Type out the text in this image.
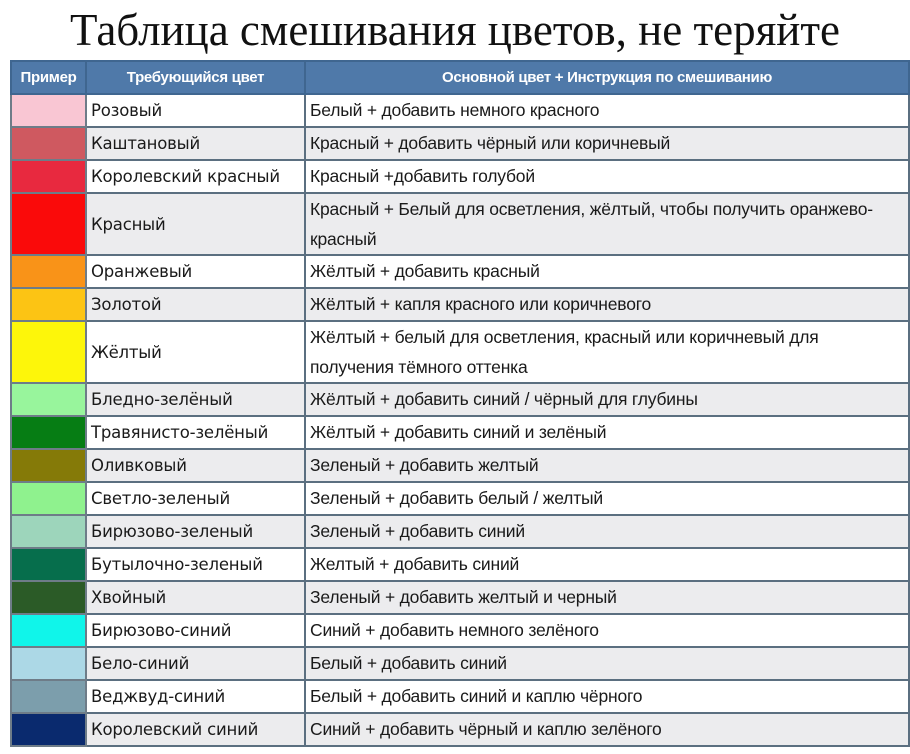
Таблица смешивания цветов, не теряйте
Пример	Требующийся цвет	Основной цвет + Инструкция по смешиванию
	Розовый	Белый + добавить немного красного
	Каштановый	Красный + добавить чёрный или коричневый
	Королевский красный	Красный +добавить голубой
	Красный	Красный + Белый для осветления, жёлтый, чтобы получить оранжево-красный
	Оранжевый	Жёлтый + добавить красный
	Золотой	Жёлтый + капля красного или коричневого
	Жёлтый	Жёлтый + белый для осветления, красный или коричневый для получения тёмного оттенка
	Бледно-зелёный	Жёлтый + добавить синий / чёрный для глубины
	Травянисто-зелёный	Жёлтый + добавить синий и зелёный
	Оливковый	Зеленый + добавить желтый
	Светло-зеленый	Зеленый + добавить белый / желтый
	Бирюзово-зеленый	Зеленый + добавить синий
	Бутылочно-зеленый	Желтый + добавить синий
	Хвойный	Зеленый + добавить желтый и черный
	Бирюзово-синий	Синий + добавить немного зелёного
	Бело-синий	Белый + добавить синий
	Веджвуд-синий	Белый + добавить синий и каплю чёрного
	Королевский синий	Синий + добавить чёрный и каплю зелёного
